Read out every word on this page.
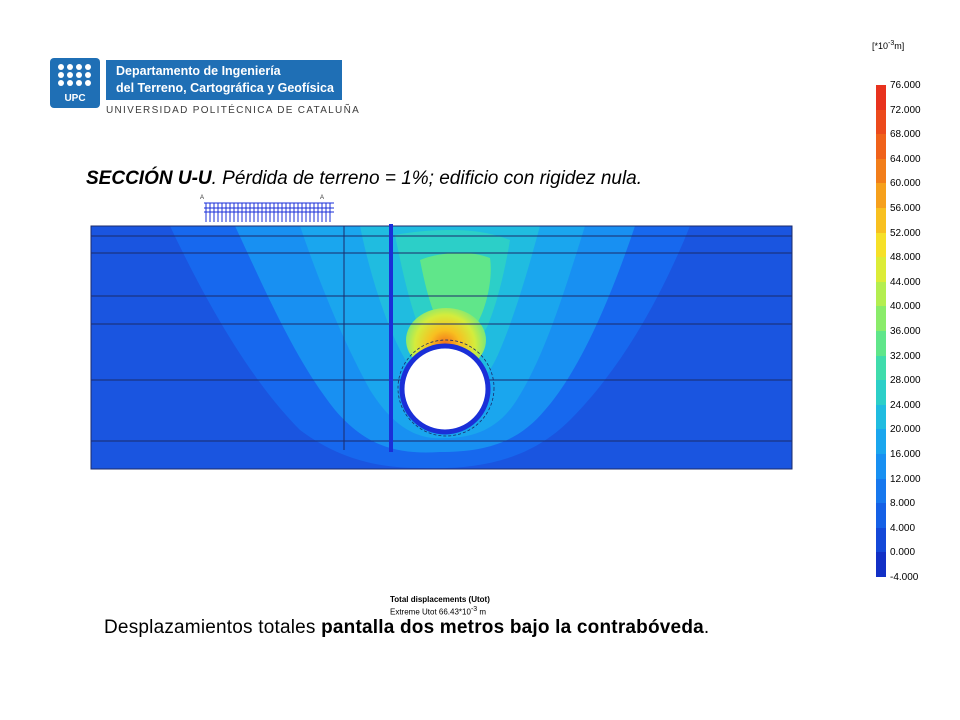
UPC
Departamento de Ingeniería
del Terreno, Cartográfica y Geofísica
UNIVERSIDAD POLITÉCNICA DE CATALUÑA
SECCIÓN U-U. Pérdida de terreno = 1%; edificio con rigidez nula.
A	A
$[*10^{-3}m]$
76.000
72.000
68.000
64.000
60.000
56.000
52.000
48.000
44.000
40.000
36.000
32.000
28.000
24.000
20.000
16.000
12.000
8.000
4.000
0.000
-4.000
Total displacements (Utot)
Extreme Utot $66.43*10^{-3}$ m
Desplazamientos totales pantalla dos metros bajo la contrabóveda.
